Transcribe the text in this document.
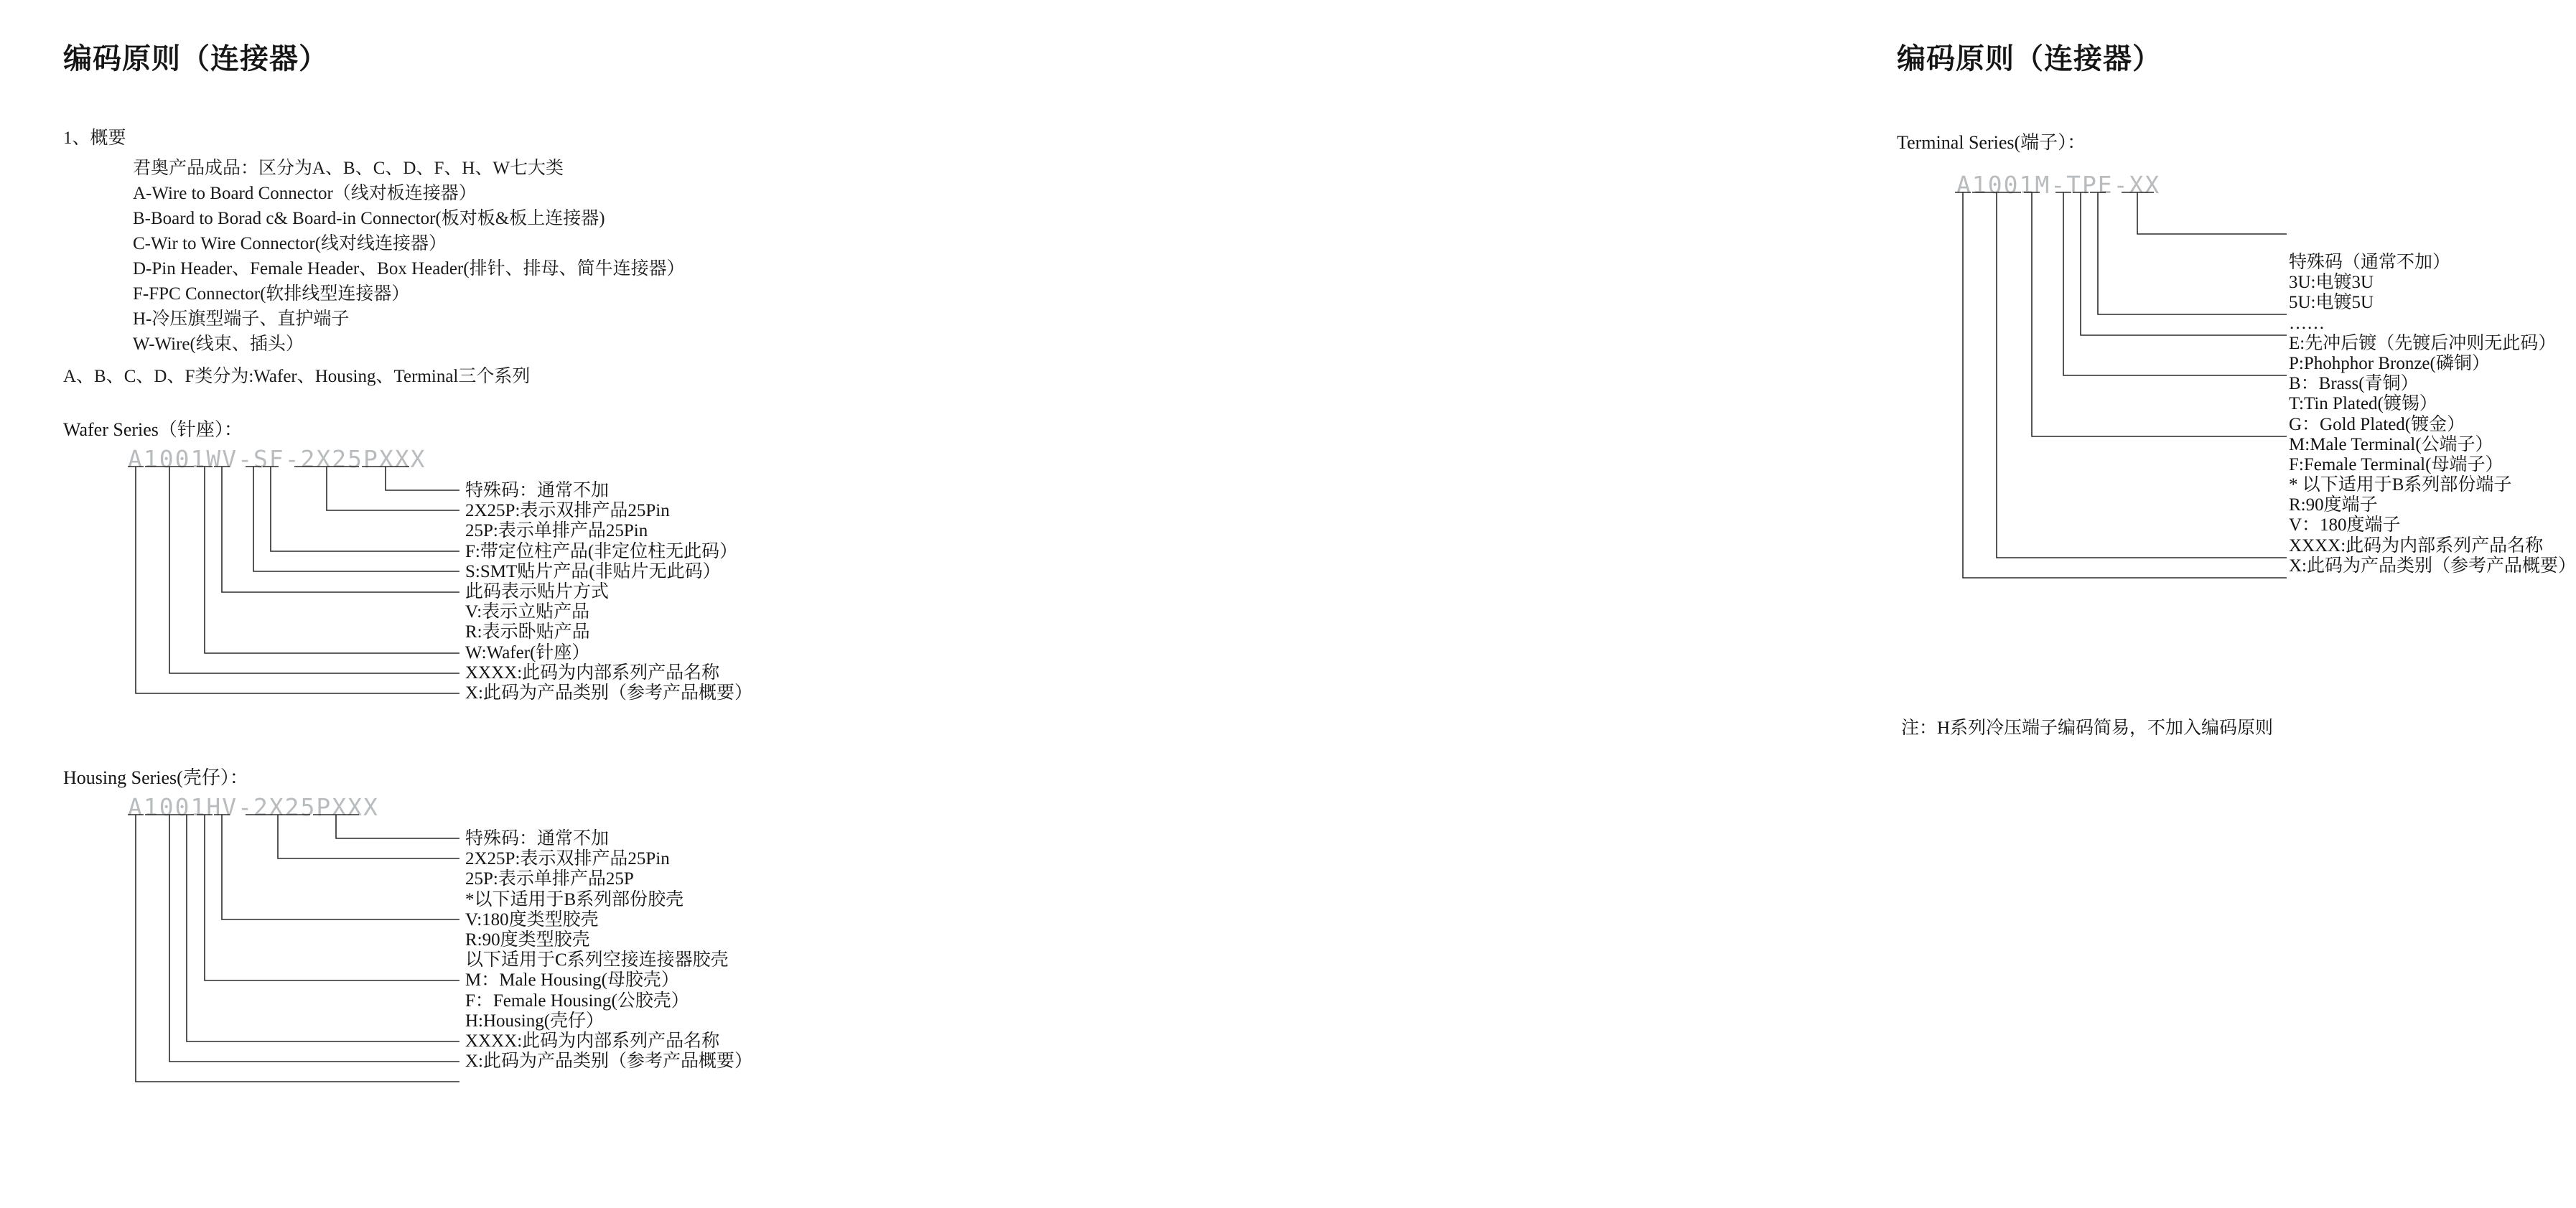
编码原则（连接器）
1、概要
君奥产品成品：区分为A、B、C、D、F、H、W七大类
A-Wire to Board Connector（线对板连接器）
B-Board to Borad c& Board-in Connector(板对板&板上连接器)
C-Wir to Wire Connector(线对线连接器）
D-Pin Header、Female Header、Box Header(排针、排母、简牛连接器）
F-FPC Connector(软排线型连接器）
H-冷压旗型端子、直护端子
W-Wire(线束、插头）
A、B、C、D、F类分为:Wafer、Housing、Terminal三个系列
Wafer Series（针座）：
A1001WV-SF-2X25PXXX
特殊码：通常不加
2X25P:表示双排产品25Pin
25P:表示单排产品25Pin
F:带定位柱产品(非定位柱无此码）
S:SMT贴片产品(非贴片无此码）
此码表示贴片方式
V:表示立贴产品
R:表示卧贴产品
W:Wafer(针座）
XXXX:此码为内部系列产品名称
X:此码为产品类别（参考产品概要）
Housing Series(壳仔）：
A1001HV-2X25PXXX
特殊码：通常不加
2X25P:表示双排产品25Pin
25P:表示单排产品25P
*以下适用于B系列部份胶壳
V:180度类型胶壳
R:90度类型胶壳
以下适用于C系列空接连接器胶壳
M：Male Housing(母胶壳）
F：Female Housing(公胶壳）
H:Housing(壳仔）
XXXX:此码为内部系列产品名称
X:此码为产品类别（参考产品概要）
编码原则（连接器）
Terminal Series(端子）：
A1001M-TPE-XX
特殊码（通常不加）
3U:电镀3U
5U:电镀5U
……
E:先冲后镀（先镀后冲则无此码）
P:Phohphor Bronze(磷铜）
B：Brass(青铜）
T:Tin Plated(镀锡）
G：Gold Plated(镀金）
M:Male Terminal(公端子）
F:Female Terminal(母端子）
* 以下适用于B系列部份端子
R:90度端子
V：180度端子
XXXX:此码为内部系列产品名称
X:此码为产品类别（参考产品概要）
注：H系列冷压端子编码简易，不加入编码原则
